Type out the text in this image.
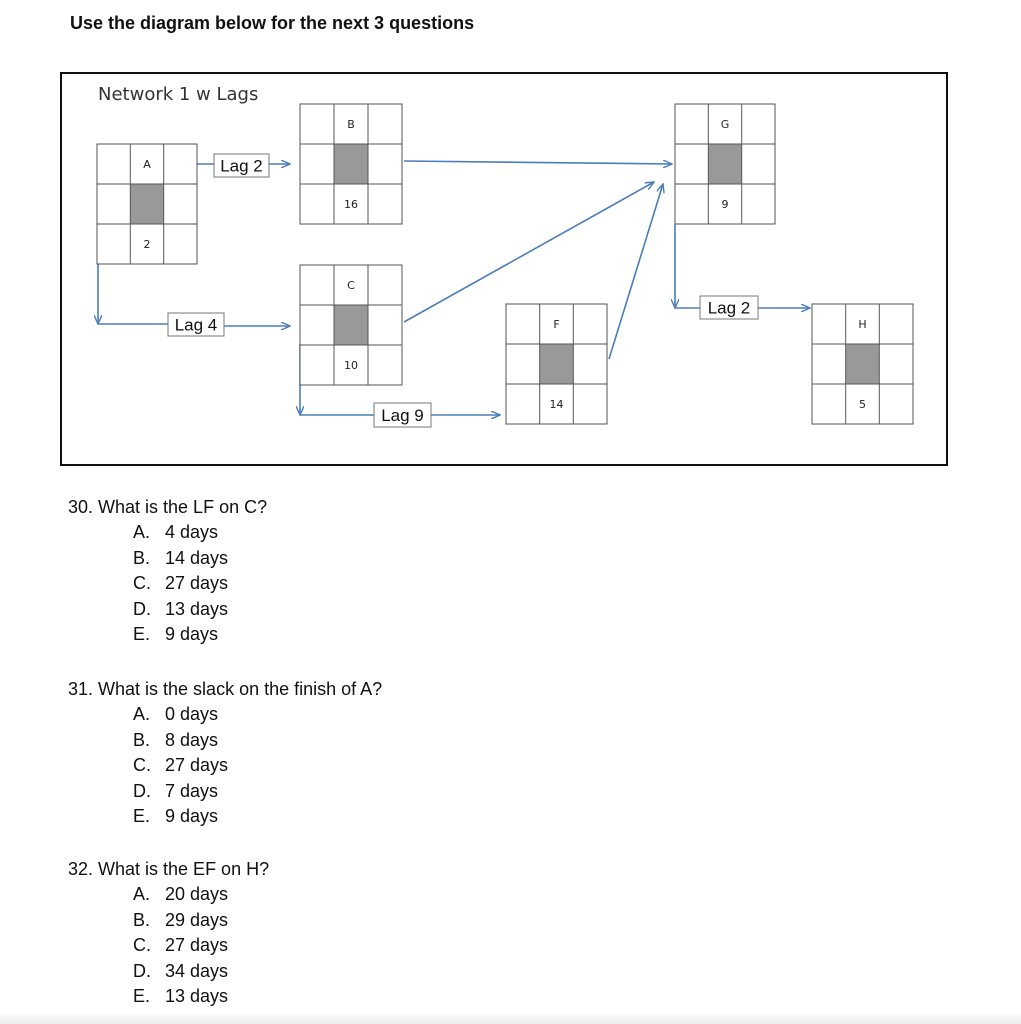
Use the diagram below for the next 3 questions
Network 1 w Lags
Lag 2
Lag 4
Lag 9
Lag 2
A
2
B
16
C
10
F
14
G
9
H
5

30. What is the LF on C?

A. 4 days
B. 14 days
C. 27 days
D. 13 days
E. 9 days

31. What is the slack on the finish of A?

A. 0 days
B. 8 days
C. 27 days
D. 7 days
E. 9 days

32. What is the EF on H?

A. 20 days
B. 29 days
C. 27 days
D. 34 days
E. 13 days
